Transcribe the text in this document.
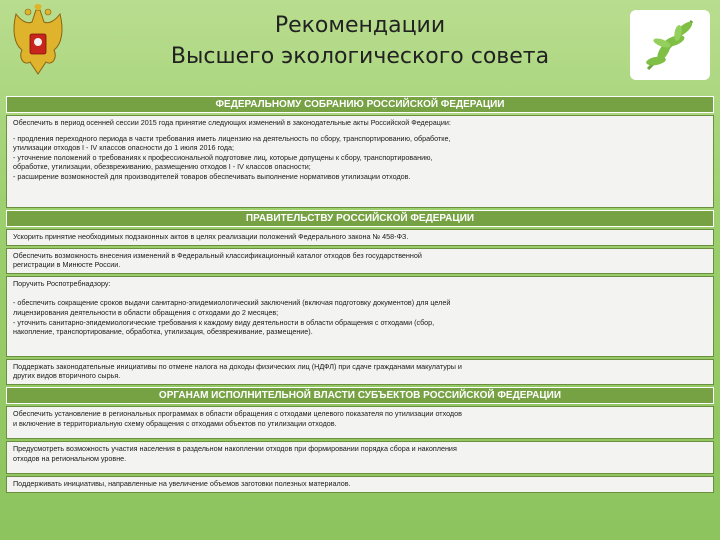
Рекомендации
Высшего экологического совета
ФЕДЕРАЛЬНОМУ СОБРАНИЮ РОССИЙСКОЙ ФЕДЕРАЦИИ
Обеспечить в период осенней сессии 2015 года принятие следующих изменений в законодательные акты Российской Федерации:
- продления переходного периода в части требования иметь лицензию на деятельность по сбору, транспортированию, обработке,
утилизации отходов I - IV классов опасности до 1 июля 2016 года;
- уточнение положений о требованиях к профессиональной подготовке лиц, которые допущены к сбору, транспортированию,
обработке, утилизации, обезвреживанию, размещению отходов I - IV классов опасности;
- расширение возможностей для производителей товаров обеспечивать выполнение нормативов утилизации отходов.
ПРАВИТЕЛЬСТВУ РОССИЙСКОЙ ФЕДЕРАЦИИ
Ускорить принятие необходимых подзаконных актов в целях реализации положений Федерального закона № 458-ФЗ.
Обеспечить возможность внесения изменений в Федеральный классификационный каталог отходов без государственной
регистрации в Минюсте России.
Поручить Роспотребнадзору:
- обеспечить сокращение сроков выдачи санитарно-эпидемиологический заключений (включая подготовку документов) для целей
лицензирования деятельности в области обращения с отходами до 2 месяцев;
- уточнить санитарно-эпидемиологические требования к каждому виду деятельности в области обращения с отходами (сбор,
накопление, транспортирование, обработка, утилизация, обезвреживание, размещение).
Поддержать законодательные инициативы по отмене налога на доходы физических лиц (НДФЛ) при сдаче гражданами макулатуры и
других видов вторичного сырья.
ОРГАНАМ ИСПОЛНИТЕЛЬНОЙ ВЛАСТИ СУБЪЕКТОВ РОССИЙСКОЙ ФЕДЕРАЦИИ
Обеспечить установление в региональных программах в области обращения с отходами целевого показателя по утилизации отходов
и включение в территориальную схему обращения с отходами объектов по утилизации отходов.
Предусмотреть возможность участия населения в раздельном накоплении отходов при формировании порядка сбора и накопления
отходов на региональном уровне.
Поддерживать инициативы, направленные на увеличение объемов заготовки полезных материалов.
